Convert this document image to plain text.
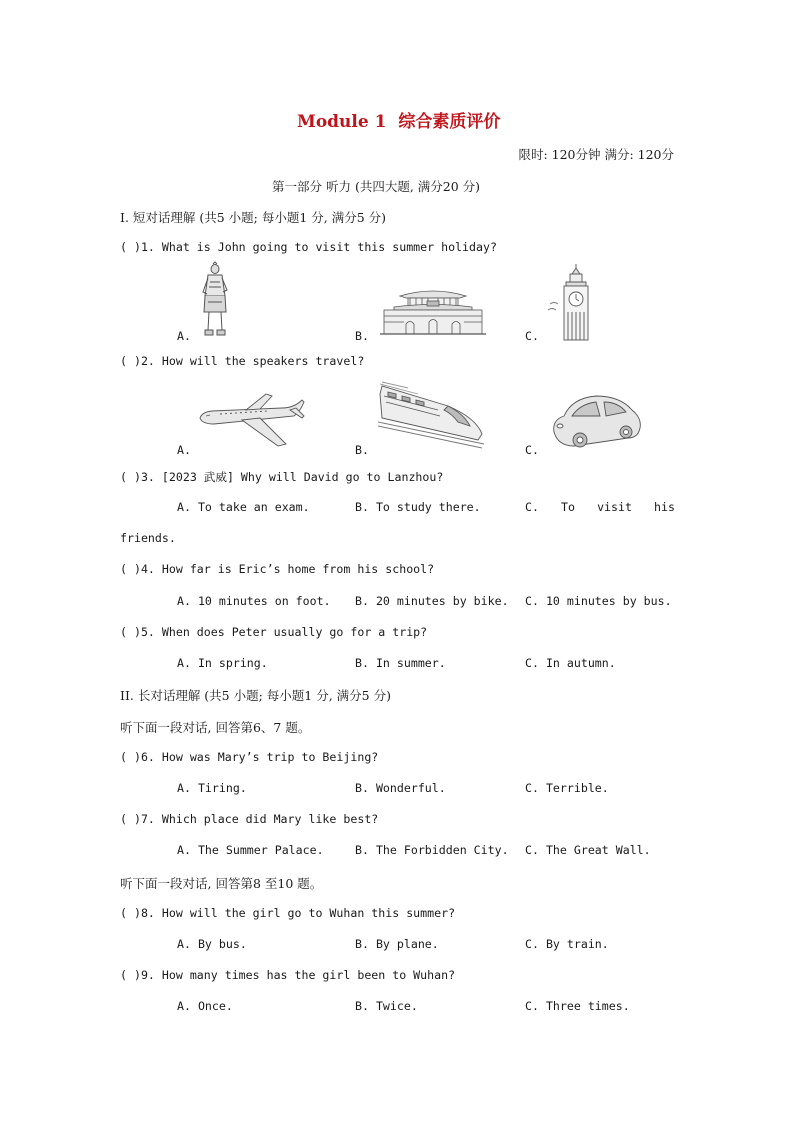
Module 1 综合素质评价
限时: 120分钟 满分: 120分
第一部分 听力 (共四大题, 满分20 分)
I. 短对话理解 (共5 小题; 每小题1 分, 满分5 分)
( )1. What is John going to visit this summer holiday?
A.	B.	C.
( )2. How will the speakers travel?
A.	B.	C.
( )3. [2023 武威] Why will David go to Lanzhou?
A. To take an exam.	B. To study there.	C. To visit his
friends.
( )4. How far is Eric’s home from his school?
A. 10 minutes on foot. B. 20 minutes by bike. C. 10 minutes by bus.
( )5. When does Peter usually go for a trip?
A. In spring.	B. In summer.	C. In autumn.
II. 长对话理解 (共5 小题; 每小题1 分, 满分5 分)
听下面一段对话, 回答第6、7 题。
( )6. How was Mary’s trip to Beijing?
A. Tiring.	B. Wonderful.	C. Terrible.
( )7. Which place did Mary like best?
A. The Summer Palace.	B. The Forbidden City. C. The Great Wall.
听下面一段对话, 回答第8 至10 题。
( )8. How will the girl go to Wuhan this summer?
A. By bus.	B. By plane.	C. By train.
( )9. How many times has the girl been to Wuhan?
A. Once.	B. Twice.	C. Three times.
